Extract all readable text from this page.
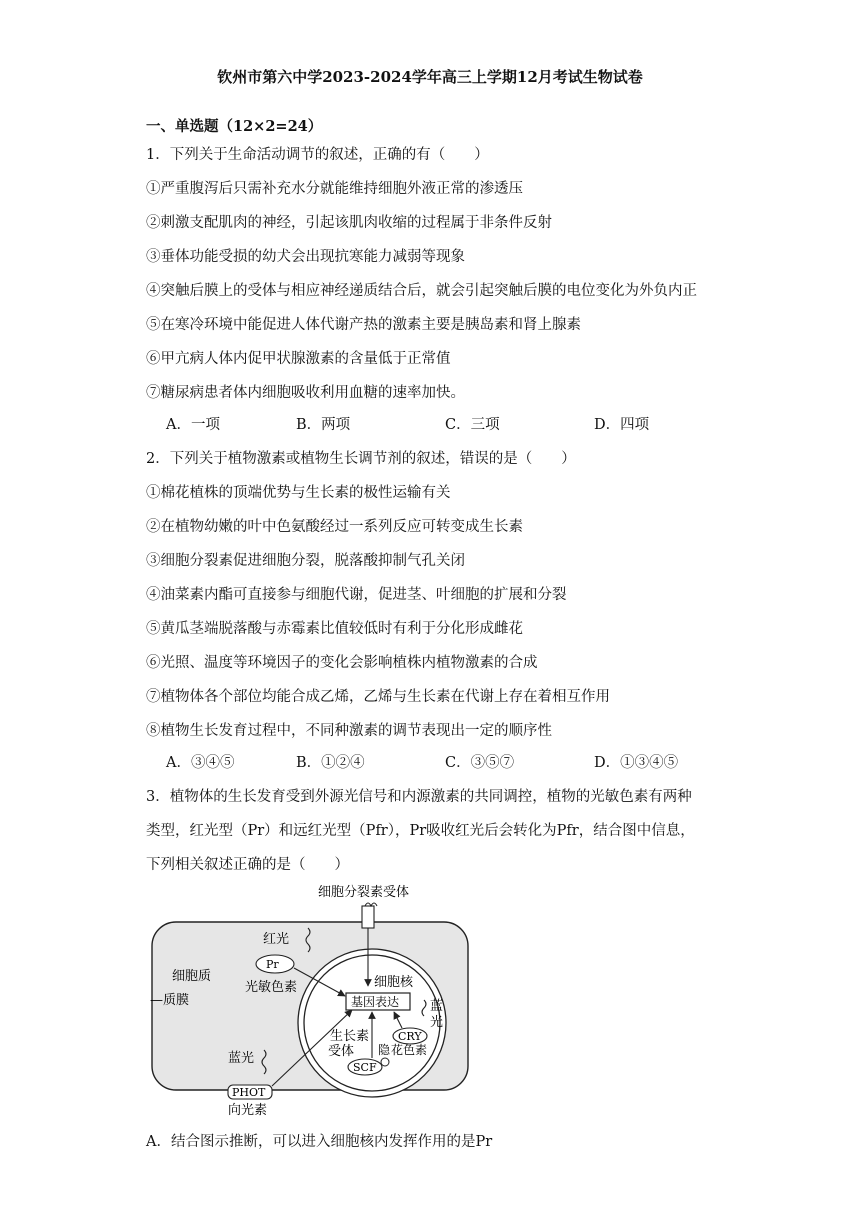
钦州市第六中学2023-2024学年高三上学期12月考试生物试卷
一、单选题（12×2=24）
1．下列关于生命活动调节的叙述，正确的有（　　）
①严重腹泻后只需补充水分就能维持细胞外液正常的渗透压
②刺激支配肌肉的神经，引起该肌肉收缩的过程属于非条件反射
③垂体功能受损的幼犬会出现抗寒能力减弱等现象
④突触后膜上的受体与相应神经递质结合后，就会引起突触后膜的电位变化为外负内正
⑤在寒冷环境中能促进人体代谢产热的激素主要是胰岛素和肾上腺素
⑥甲亢病人体内促甲状腺激素的含量低于正常值
⑦糖尿病患者体内细胞吸收利用血糖的速率加快。
A．一项	B．两项	C．三项	D．四项
2．下列关于植物激素或植物生长调节剂的叙述，错误的是（　　）
①棉花植株的顶端优势与生长素的极性运输有关
②在植物幼嫩的叶中色氨酸经过一系列反应可转变成生长素
③细胞分裂素促进细胞分裂，脱落酸抑制气孔关闭
④油菜素内酯可直接参与细胞代谢，促进茎、叶细胞的扩展和分裂
⑤黄瓜茎端脱落酸与赤霉素比值较低时有利于分化形成雌花
⑥光照、温度等环境因子的变化会影响植株内植物激素的合成
⑦植物体各个部位均能合成乙烯，乙烯与生长素在代谢上存在着相互作用
⑧植物生长发育过程中，不同种激素的调节表现出一定的顺序性
A．③④⑤	B．①②④	C．③⑤⑦	D．①③④⑤
3．植物体的生长发育受到外源光信号和内源激素的共同调控，植物的光敏色素有两种
类型，红光型（Pr）和远红光型（Pfr），Pr吸收红光后会转化为Pfr，结合图中信息，
下列相关叙述正确的是（　　）
细胞分裂素受体
红光
Pr
光敏色素
细胞质
—质膜
细胞核
基因表达 蓝
光
CRY
隐 花色素
生长素
受体
SCF
蓝光
PHOT
向光素
A．结合图示推断，可以进入细胞核内发挥作用的是Pr
